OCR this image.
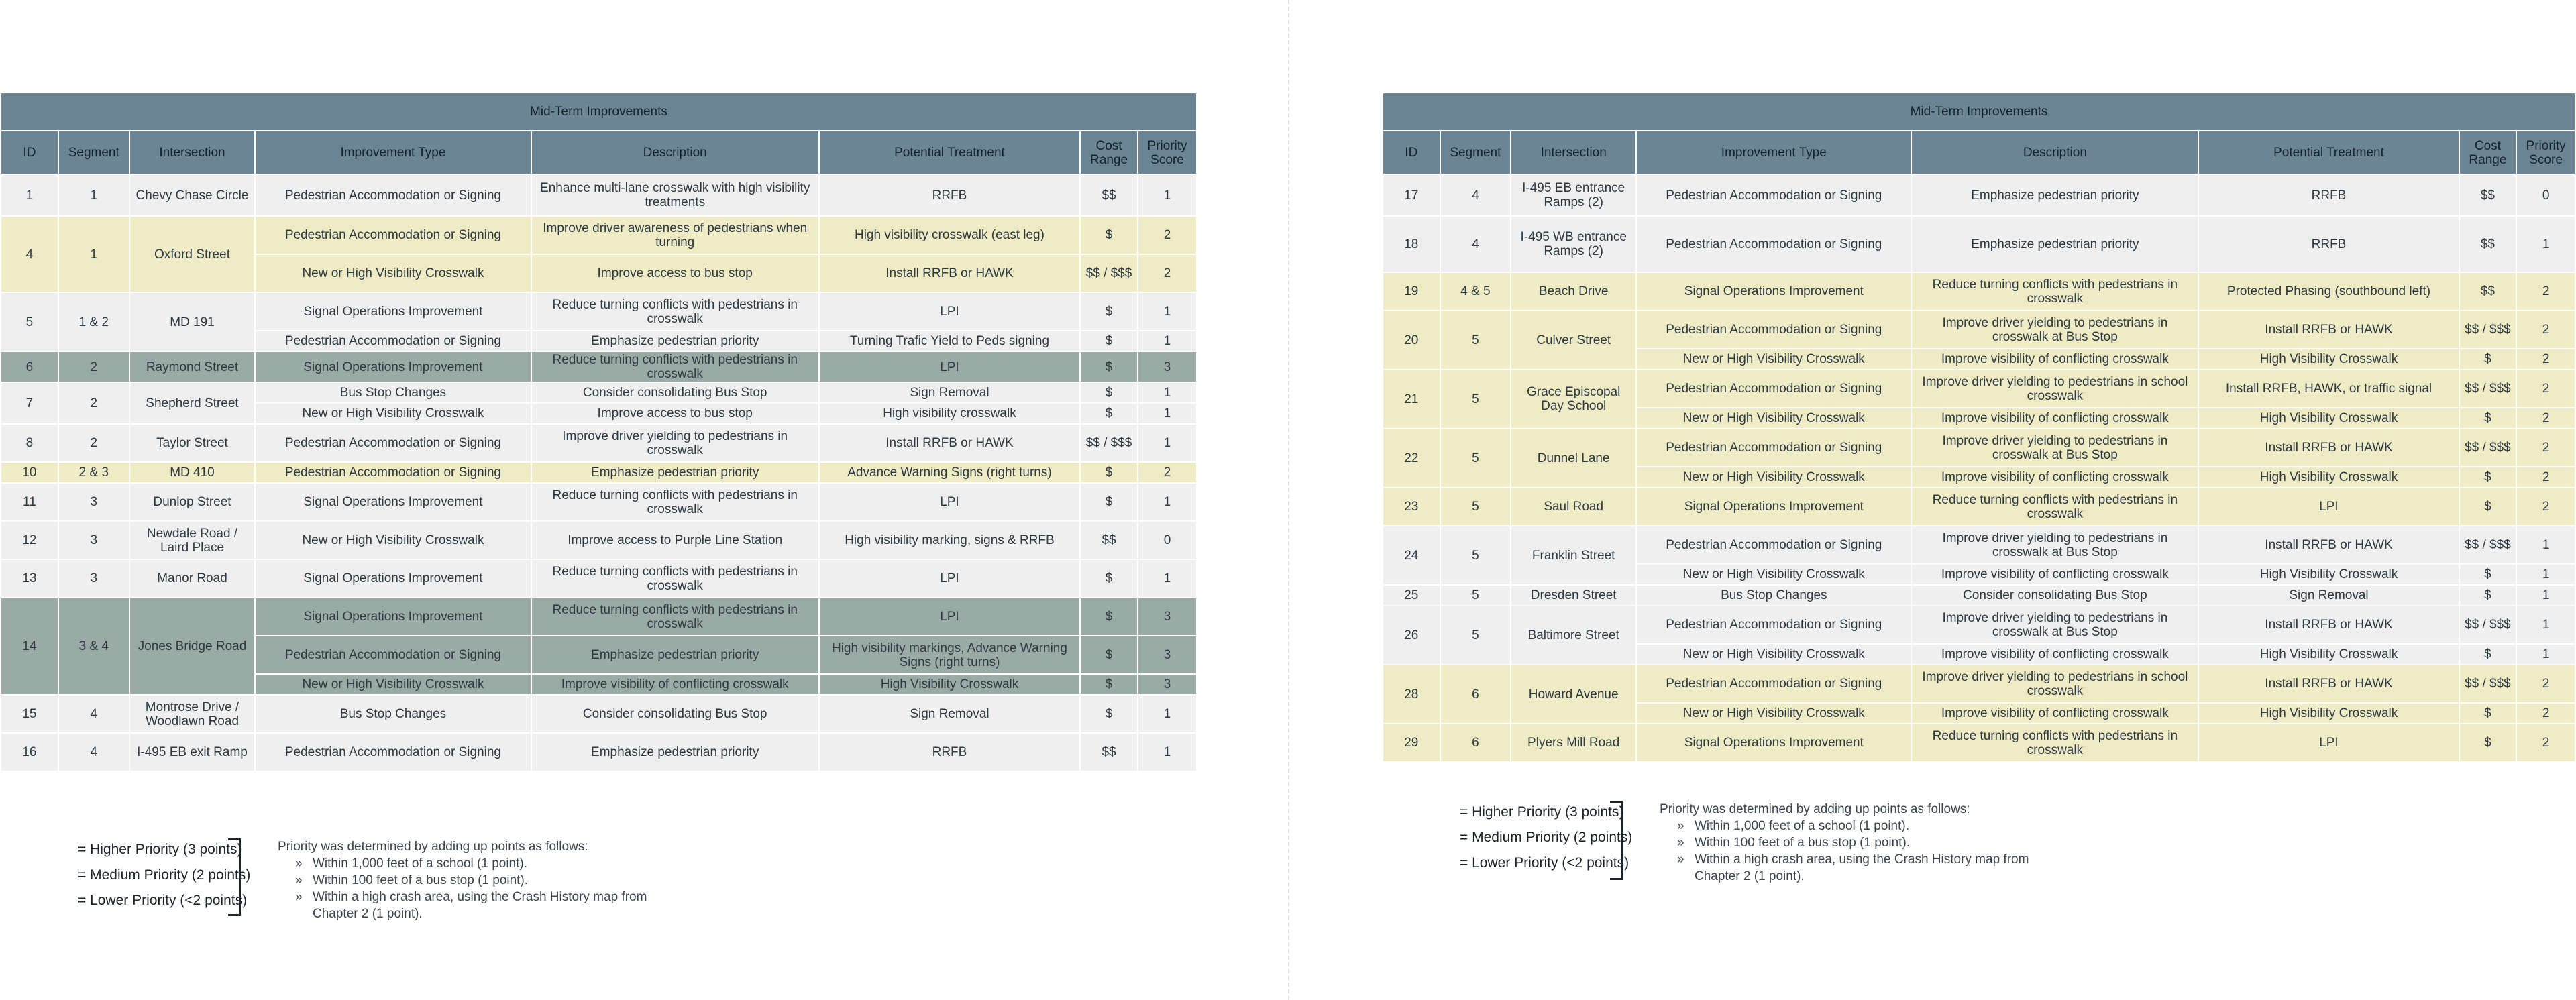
Mid-Term Improvements							
ID	Segment	Intersection	Improvement Type	Description	Potential Treatment	Cost Range	Priority Score
1	1	Chevy Chase Circle	Pedestrian Accommodation or Signing	Enhance multi-lane crosswalk with high visibility treatments	RRFB	$$	1
4	1	Oxford Street	Pedestrian Accommodation or Signing	Improve driver awareness of pedestrians when turning	High visibility crosswalk (east leg)	$	2
			New or High Visibility Crosswalk	Improve access to bus stop	Install RRFB or HAWK	$$ / $$$	2
5	1 & 2	MD 191	Signal Operations Improvement	Reduce turning conflicts with pedestrians in crosswalk	LPI	$	1
			Pedestrian Accommodation or Signing	Emphasize pedestrian priority	Turning Trafic Yield to Peds signing	$	1
6	2	Raymond Street	Signal Operations Improvement	Reduce turning conflicts with pedestrians in crosswalk	LPI	$	3
7	2	Shepherd Street	Bus Stop Changes	Consider consolidating Bus Stop	Sign Removal	$	1
			New or High Visibility Crosswalk	Improve access to bus stop	High visibility crosswalk	$	1
8	2	Taylor Street	Pedestrian Accommodation or Signing	Improve driver yielding to pedestrians in crosswalk	Install RRFB or HAWK	$$ / $$$	1
10	2 & 3	MD 410	Pedestrian Accommodation or Signing	Emphasize pedestrian priority	Advance Warning Signs (right turns)	$	2
11	3	Dunlop Street	Signal Operations Improvement	Reduce turning conflicts with pedestrians in crosswalk	LPI	$	1
12	3	Newdale Road / Laird Place	New or High Visibility Crosswalk	Improve access to Purple Line Station	High visibility marking, signs & RRFB	$$	0
13	3	Manor Road	Signal Operations Improvement	Reduce turning conflicts with pedestrians in crosswalk	LPI	$	1
14	3 & 4	Jones Bridge Road	Signal Operations Improvement	Reduce turning conflicts with pedestrians in crosswalk	LPI	$	3
			Pedestrian Accommodation or Signing	Emphasize pedestrian priority	High visibility markings, Advance Warning Signs (right turns)	$	3
			New or High Visibility Crosswalk	Improve visibility of conflicting crosswalk	High Visibility Crosswalk	$	3
15	4	Montrose Drive / Woodlawn Road	Bus Stop Changes	Consider consolidating Bus Stop	Sign Removal	$	1
16	4	I-495 EB exit Ramp	Pedestrian Accommodation or Signing	Emphasize pedestrian priority	RRFB	$$	1
= Higher Priority (3 points)
= Medium Priority (2 points)
= Lower Priority (<2 points)
Priority was determined by adding up points as follows:
» Within 1,000 feet of a school (1 point).
» Within 100 feet of a bus stop (1 point).
» Within a high crash area, using the Crash History map from Chapter 2 (1 point).
Mid-Term Improvements							
ID	Segment	Intersection	Improvement Type	Description	Potential Treatment	Cost Range	Priority Score
17	4	I-495 EB entrance Ramps (2)	Pedestrian Accommodation or Signing	Emphasize pedestrian priority	RRFB	$$	0
18	4	I-495 WB entrance Ramps (2)	Pedestrian Accommodation or Signing	Emphasize pedestrian priority	RRFB	$$	1
19	4 & 5	Beach Drive	Signal Operations Improvement	Reduce turning conflicts with pedestrians in crosswalk	Protected Phasing (southbound left)	$$	2
20	5	Culver Street	Pedestrian Accommodation or Signing	Improve driver yielding to pedestrians in crosswalk at Bus Stop	Install RRFB or HAWK	$$ / $$$	2
			New or High Visibility Crosswalk	Improve visibility of conflicting crosswalk	High Visibility Crosswalk	$	2
21	5	Grace Episcopal Day School	Pedestrian Accommodation or Signing	Improve driver yielding to pedestrians in school crosswalk	Install RRFB, HAWK, or traffic signal	$$ / $$$	2
			New or High Visibility Crosswalk	Improve visibility of conflicting crosswalk	High Visibility Crosswalk	$	2
22	5	Dunnel Lane	Pedestrian Accommodation or Signing	Improve driver yielding to pedestrians in crosswalk at Bus Stop	Install RRFB or HAWK	$$ / $$$	2
			New or High Visibility Crosswalk	Improve visibility of conflicting crosswalk	High Visibility Crosswalk	$	2
23	5	Saul Road	Signal Operations Improvement	Reduce turning conflicts with pedestrians in crosswalk	LPI	$	2
24	5	Franklin Street	Pedestrian Accommodation or Signing	Improve driver yielding to pedestrians in crosswalk at Bus Stop	Install RRFB or HAWK	$$ / $$$	1
			New or High Visibility Crosswalk	Improve visibility of conflicting crosswalk	High Visibility Crosswalk	$	1
25	5	Dresden Street	Bus Stop Changes	Consider consolidating Bus Stop	Sign Removal	$	1
26	5	Baltimore Street	Pedestrian Accommodation or Signing	Improve driver yielding to pedestrians in crosswalk at Bus Stop	Install RRFB or HAWK	$$ / $$$	1
			New or High Visibility Crosswalk	Improve visibility of conflicting crosswalk	High Visibility Crosswalk	$	1
28	6	Howard Avenue	Pedestrian Accommodation or Signing	Improve driver yielding to pedestrians in school crosswalk	Install RRFB or HAWK	$$ / $$$	2
			New or High Visibility Crosswalk	Improve visibility of conflicting crosswalk	High Visibility Crosswalk	$	2
29	6	Plyers Mill Road	Signal Operations Improvement	Reduce turning conflicts with pedestrians in crosswalk	LPI	$	2
= Higher Priority (3 points)
= Medium Priority (2 points)
= Lower Priority (<2 points)
Priority was determined by adding up points as follows:
» Within 1,000 feet of a school (1 point).
» Within 100 feet of a bus stop (1 point).
» Within a high crash area, using the Crash History map from Chapter 2 (1 point).
